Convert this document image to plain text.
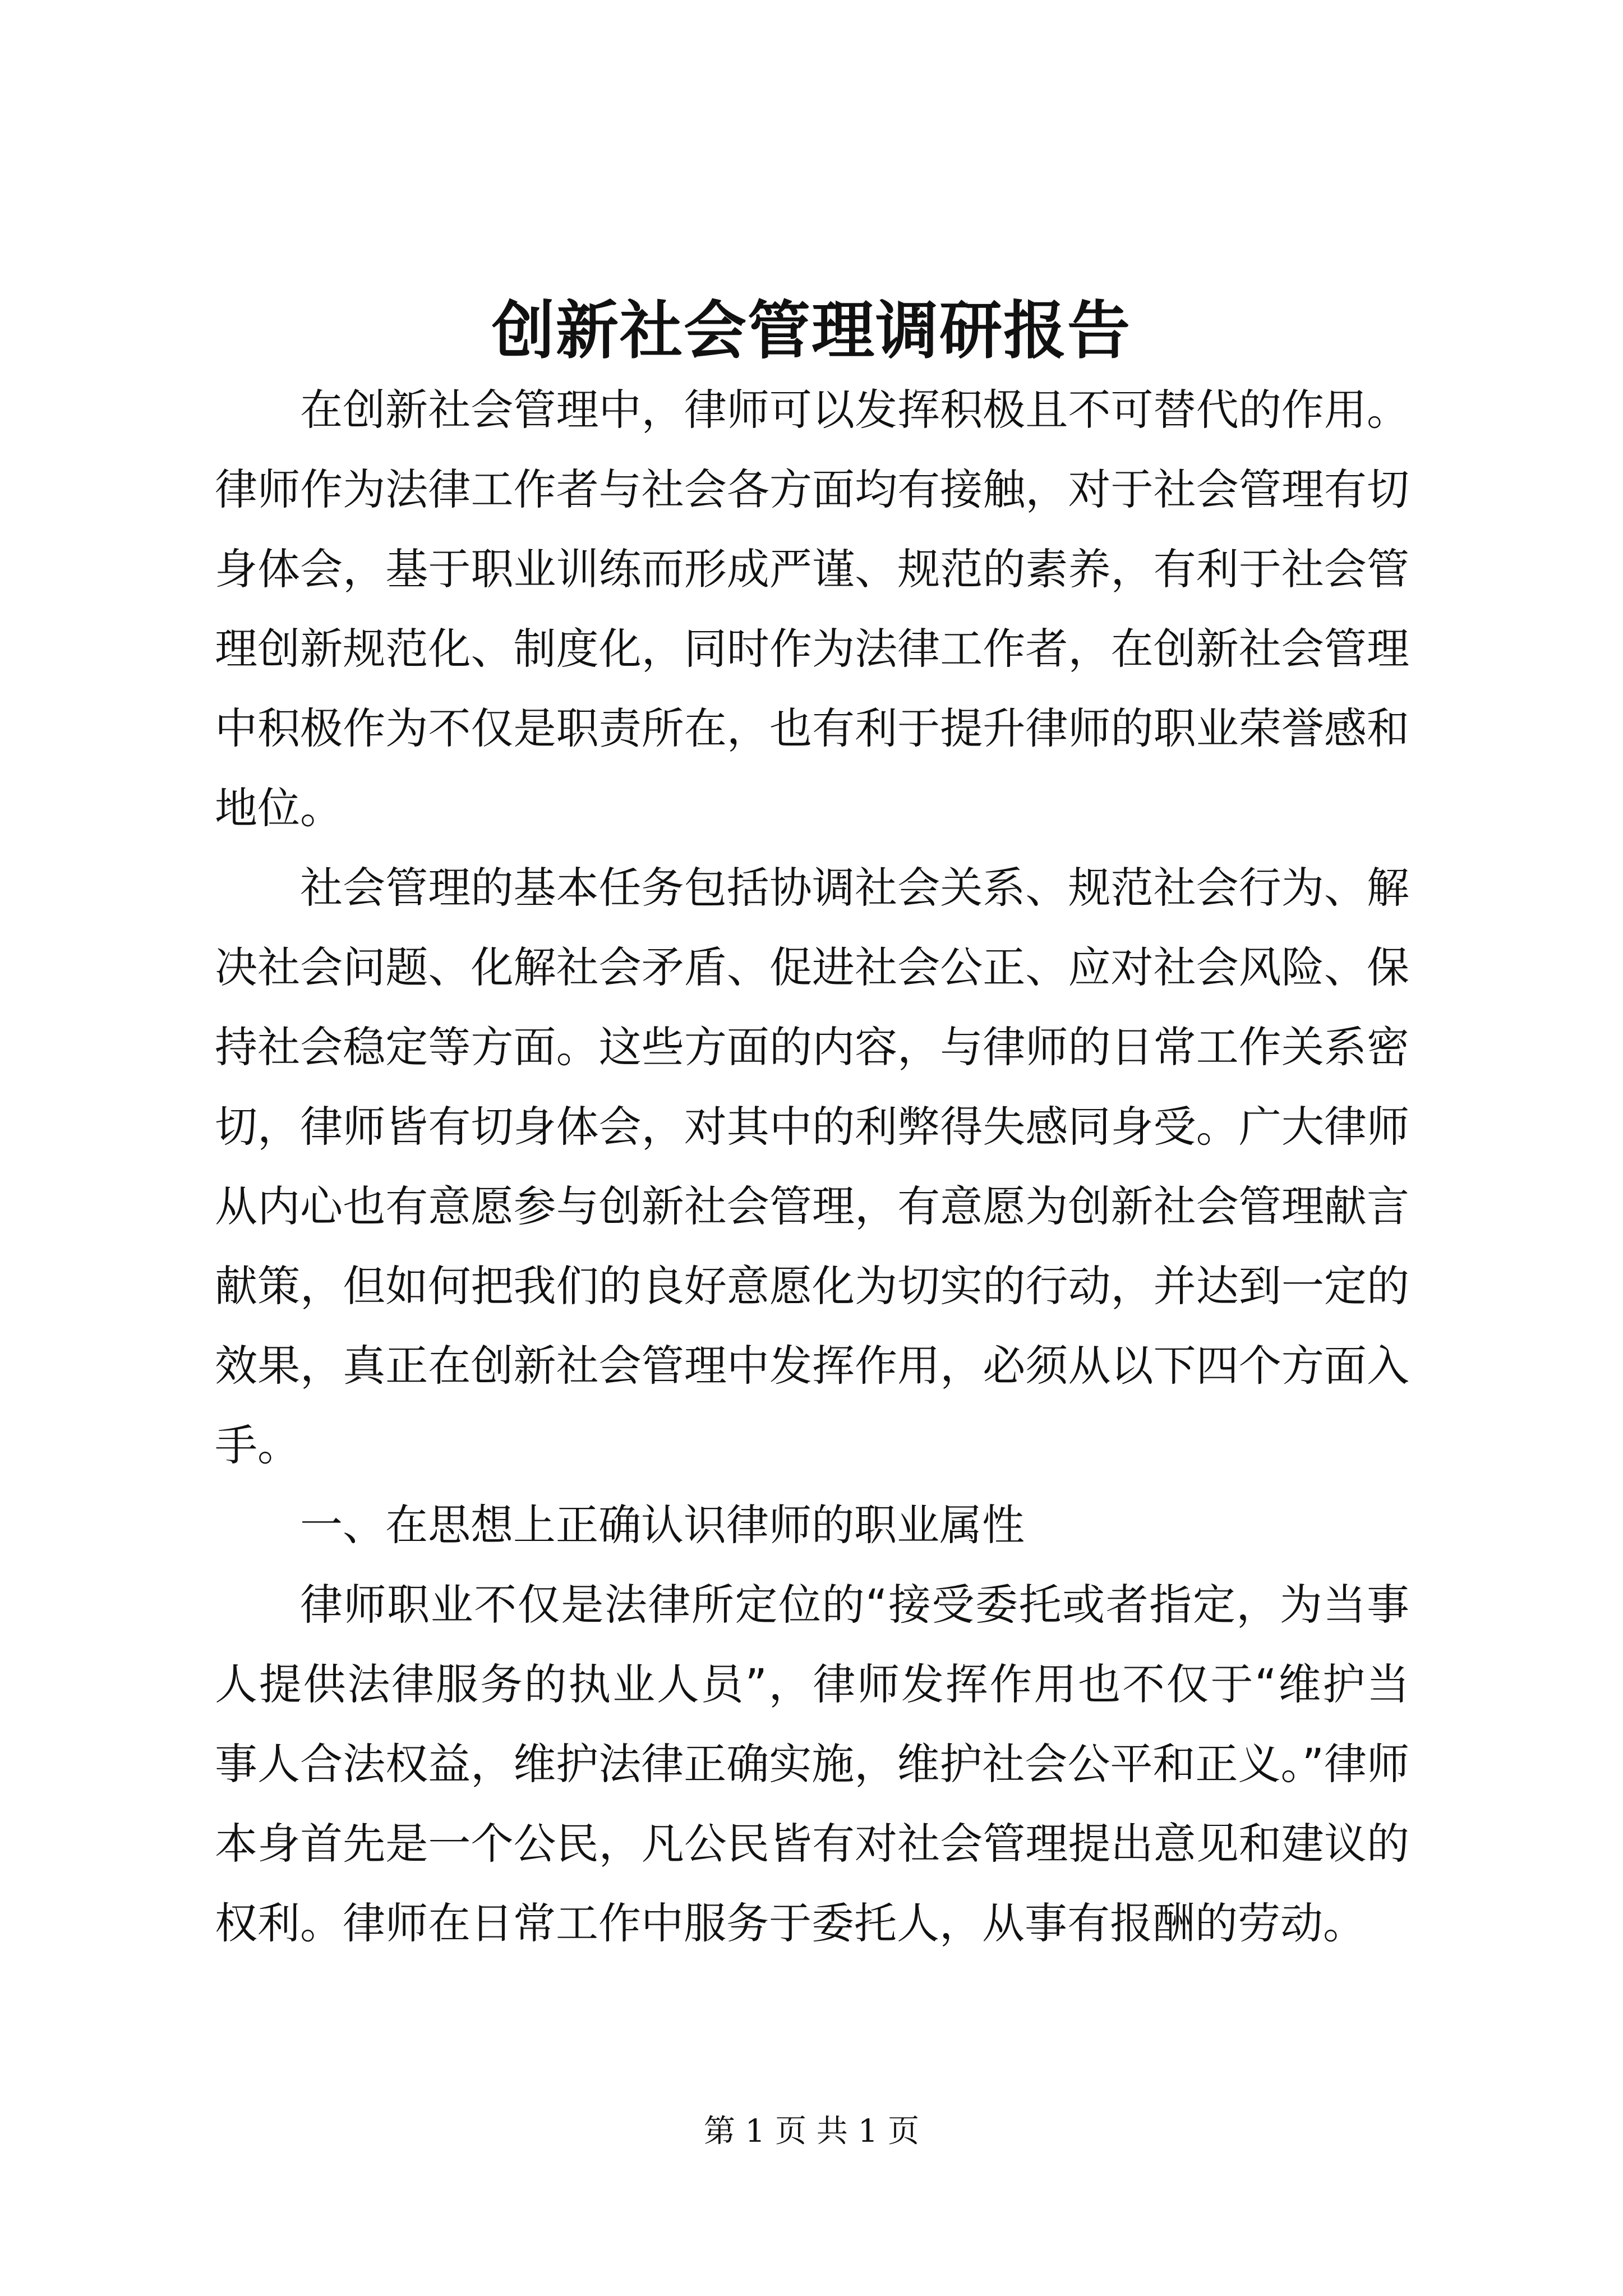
创新社会管理调研报告

在创新社会管理中，律师可以发挥积极且不可替代的作用。律师作为法律工作者与社会各方面均有接触，对于社会管理有切身体会，基于职业训练而形成严谨、规范的素养，有利于社会管理创新规范化、制度化，同时作为法律工作者，在创新社会管理中积极作为不仅是职责所在，也有利于提升律师的职业荣誉感和地位。

社会管理的基本任务包括协调社会关系、规范社会行为、解决社会问题、化解社会矛盾、促进社会公正、应对社会风险、保持社会稳定等方面。这些方面的内容，与律师的日常工作关系密切，律师皆有切身体会，对其中的利弊得失感同身受。广大律师从内心也有意愿参与创新社会管理，有意愿为创新社会管理献言献策，但如何把我们的良好意愿化为切实的行动，并达到一定的效果，真正在创新社会管理中发挥作用，必须从以下四个方面入手。

一、在思想上正确认识律师的职业属性

律师职业不仅是法律所定位的“接受委托或者指定，为当事人提供法律服务的执业人员”，律师发挥作用也不仅于“维护当事人合法权益，维护法律正确实施，维护社会公平和正义。”律师本身首先是一个公民，凡公民皆有对社会管理提出意见和建议的权利。律师在日常工作中服务于委托人，从事有报酬的劳动。

第 1 页 共 1 页
